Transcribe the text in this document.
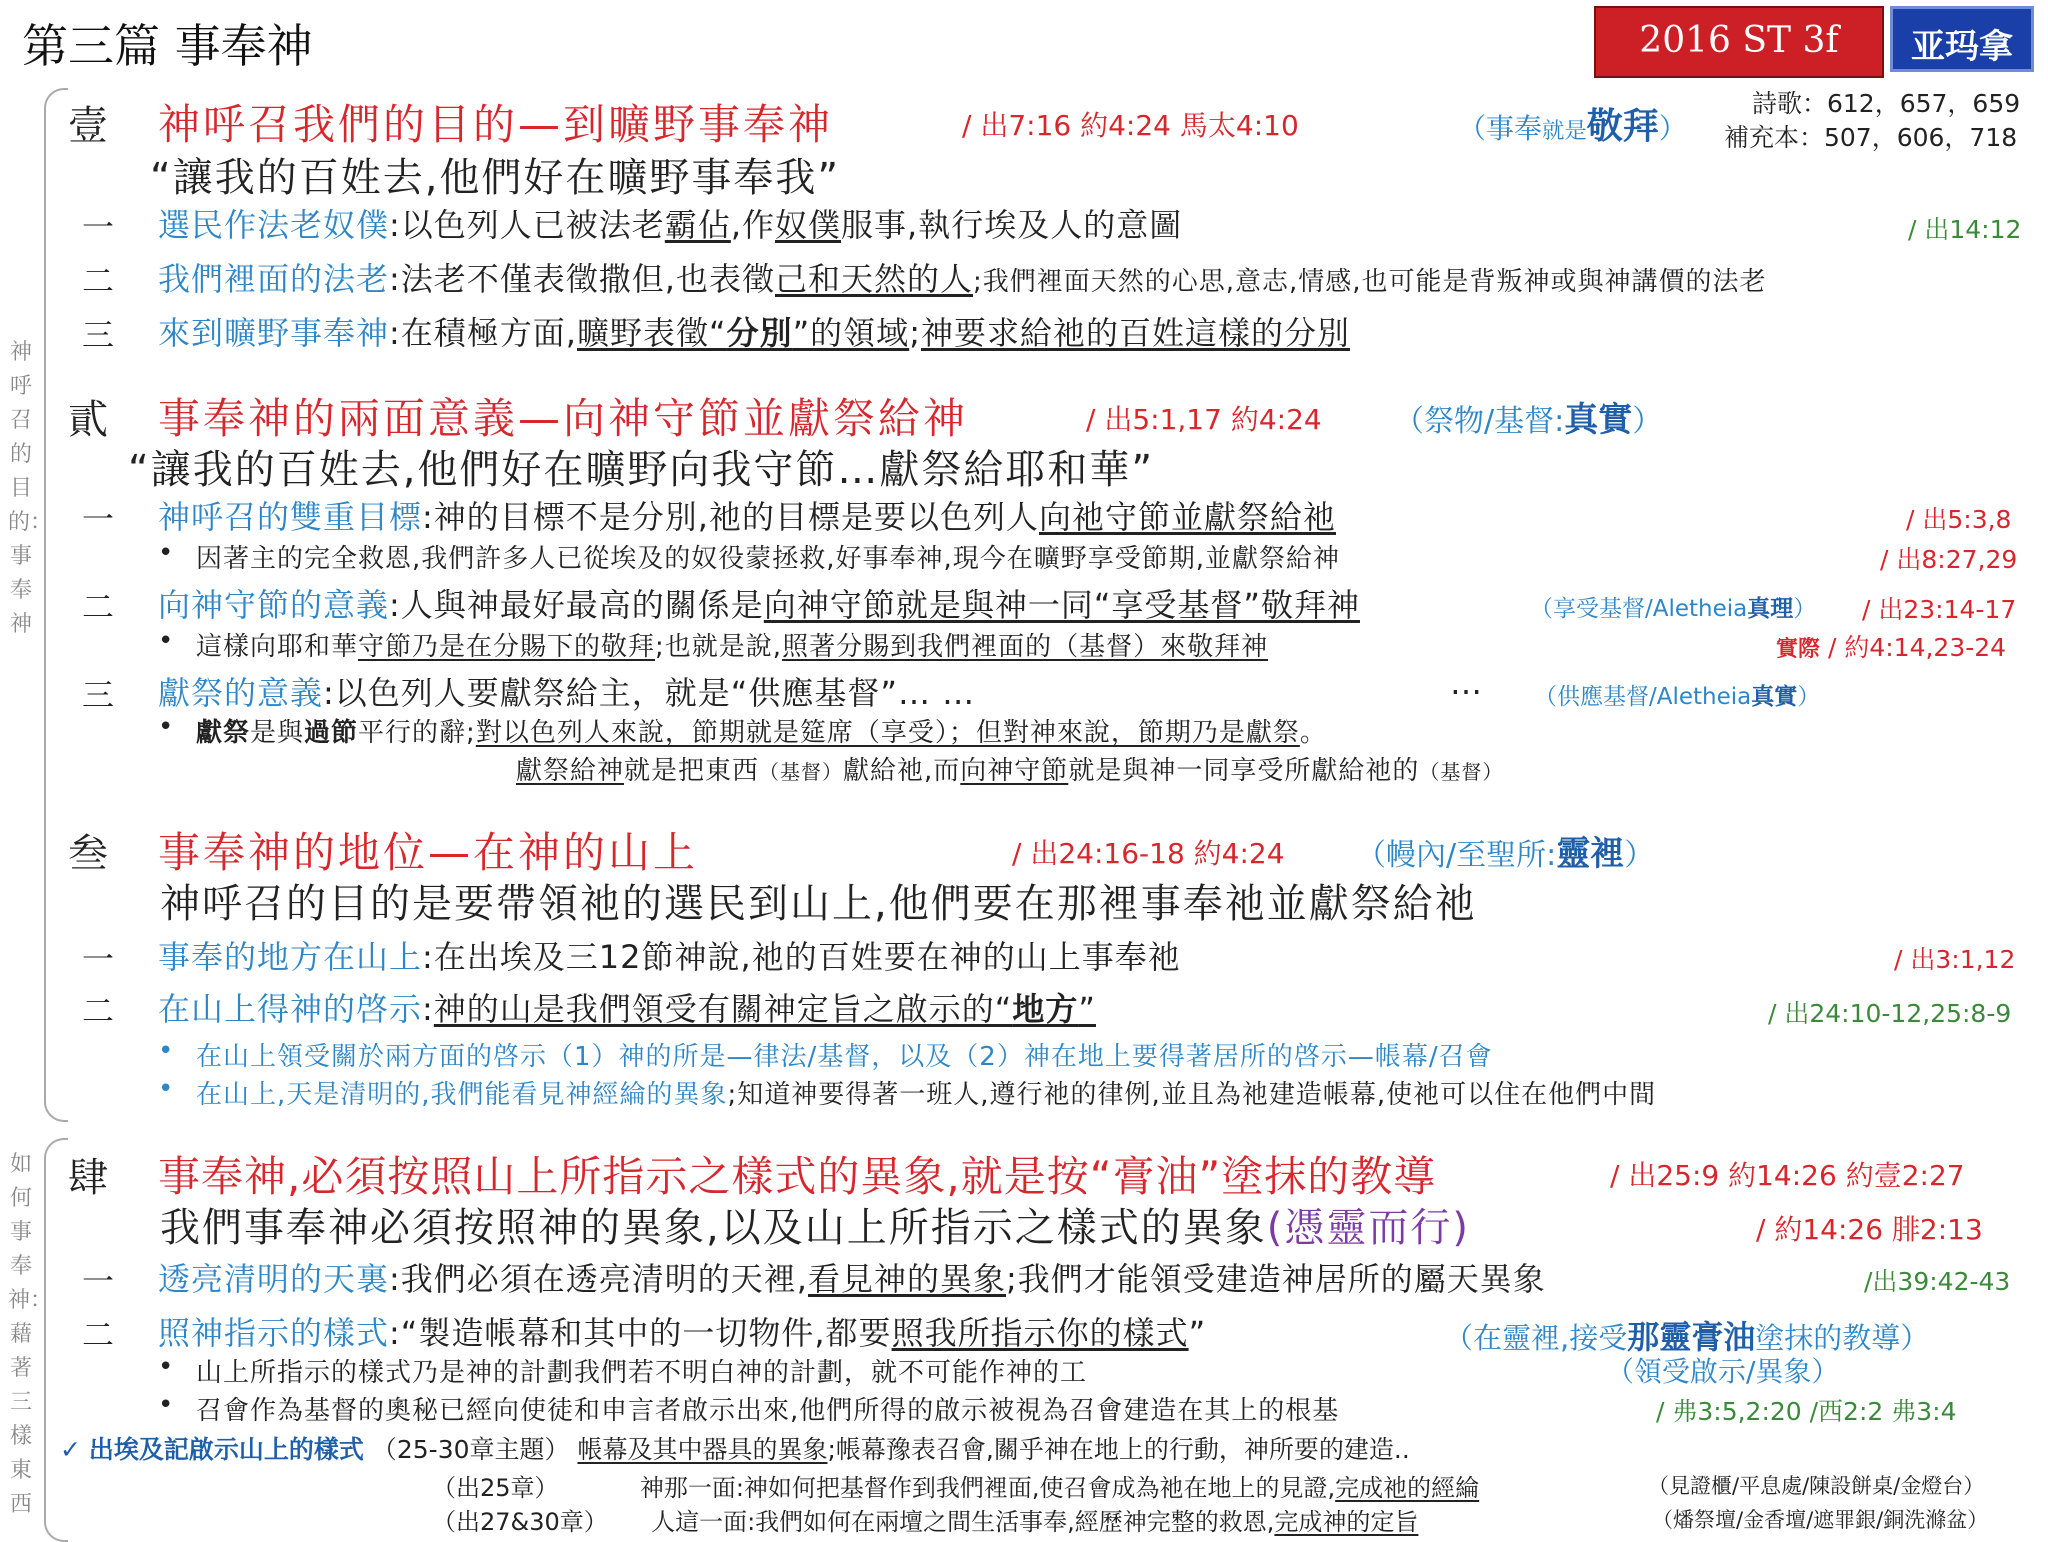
第三篇 事奉神	2016 ST 3f	亚玛拿
詩歌：612，657，659
補充本：507，606，718
神呼召的目的：事奉神
如何事奉神：藉著三樣東西
壹 神呼召我們的目的—到曠野事奉神	/ 出7:16 約4:24 馬太4:10	（事奉就是敬拜）
“讓我的百姓去,他們好在曠野事奉我”
一 選民作法老奴僕:以色列人已被法老霸佔,作奴僕服事,執行埃及人的意圖	/ 出14:12
二 我們裡面的法老:法老不僅表徵撒但,也表徵己和天然的人;我們裡面天然的心思,意志,情感,也可能是背叛神或與神講價的法老
三 來到曠野事奉神:在積極方面,曠野表徵“分別”的領域;神要求給祂的百姓這樣的分別
貳 事奉神的兩面意義—向神守節並獻祭給神	/ 出5:1,17 約4:24 （祭物/基督:真實）
“讓我的百姓去,他們好在曠野向我守節…獻祭給耶和華”
一 神呼召的雙重目標:神的目標不是分別,祂的目標是要以色列人向祂守節並獻祭給祂	/ 出5:3,8
• 因著主的完全救恩,我們許多人已從埃及的奴役蒙拯救,好事奉神,現今在曠野享受節期,並獻祭給神	/ 出8:27,29
二 向神守節的意義:人與神最好最高的關係是向神守節就是與神一同“享受基督”敬拜神	（享受基督/Aletheia真理） / 出23:14-17
• 這樣向耶和華守節乃是在分賜下的敬拜;也就是說,照著分賜到我們裡面的（基督）來敬拜神	實際 / 約4:14,23-24
三 獻祭的意義:以色列人要獻祭給主，就是“供應基督”… …	… （供應基督/Aletheia真實）
• 獻祭是與過節平行的辭;對以色列人來說，節期就是筵席（享受）；但對神來說，節期乃是獻祭。
獻祭給神就是把東西（基督）獻給祂,而向神守節就是與神一同享受所獻給祂的（基督）
叁 事奉神的地位—在神的山上	/ 出24:16-18 約4:24 （幔內/至聖所:靈裡）
神呼召的目的是要帶領祂的選民到山上,他們要在那裡事奉祂並獻祭給祂
一 事奉的地方在山上:在出埃及三12節神說,祂的百姓要在神的山上事奉祂	/ 出3:1,12
二 在山上得神的啓示:神的山是我們領受有關神定旨之啟示的“地方”	/ 出24:10-12,25:8-9
• 在山上領受關於兩方面的啓示（1）神的所是—律法/基督，以及（2）神在地上要得著居所的啓示—帳幕/召會
• 在山上,天是清明的,我們能看見神經綸的異象;知道神要得著一班人,遵行祂的律例,並且為祂建造帳幕,使祂可以住在他們中間
肆 事奉神,必須按照山上所指示之樣式的異象,就是按“膏油”塗抹的教導	/ 出25:9 約14:26 約壹2:27
我們事奉神必須按照神的異象,以及山上所指示之樣式的異象(憑靈而行)	/ 約14:26 腓2:13
一 透亮清明的天裏:我們必須在透亮清明的天裡,看見神的異象;我們才能領受建造神居所的屬天異象	/出39:42-43
二 照神指示的樣式:“製造帳幕和其中的一切物件,都要照我所指示你的樣式”	（在靈裡,接受那靈膏油塗抹的教導）
• 山上所指示的樣式乃是神的計劃我們若不明白神的計劃，就不可能作神的工	（領受啟示/異象）
• 召會作為基督的奧秘已經向使徒和申言者啟示出來,他們所得的啟示被視為召會建造在其上的根基	/ 弗3:5,2:20 /西2:2 弗3:4
✓ 出埃及記啟示山上的樣式 （25-30章主題） 帳幕及其中器具的異象;帳幕豫表召會,關乎神在地上的行動，神所要的建造..
（出25章）	神那一面:神如何把基督作到我們裡面,使召會成為祂在地上的見證,完成祂的經綸	（見證櫃/平息處/陳設餅桌/金燈台）
（出27&30章） 人這一面:我們如何在兩壇之間生活事奉,經歷神完整的救恩,完成神的定旨	（燔祭壇/金香壇/遮罪銀/銅洗滌盆）
